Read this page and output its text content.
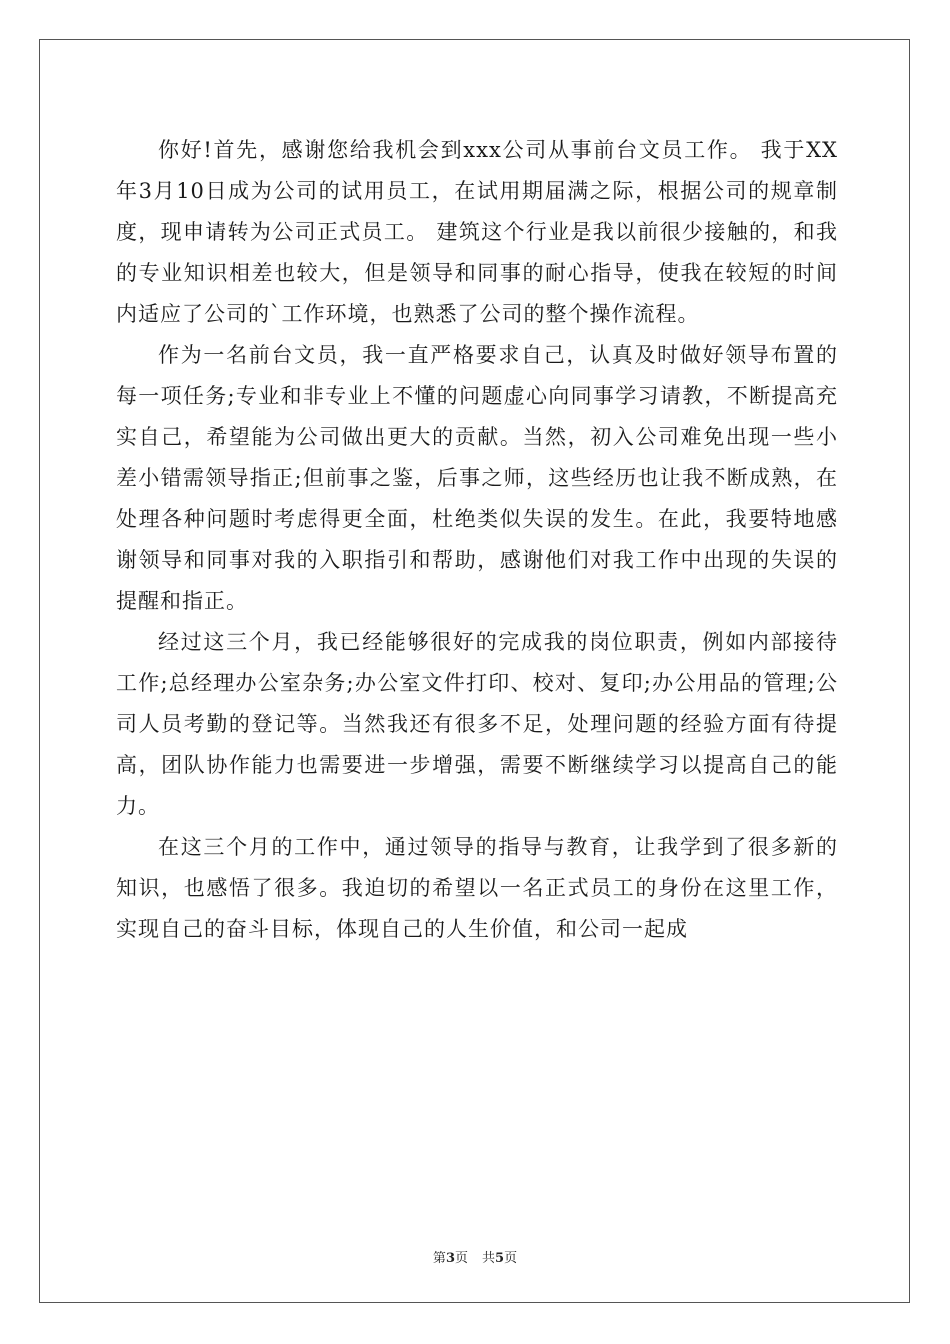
你好!首先，感谢您给我机会到xxx公司从事前台文员工作。 我于XX年3月10日成为公司的试用员工，在试用期届满之际，根据公司的规章制度，现申请转为公司正式员工。 建筑这个行业是我以前很少接触的，和我的专业知识相差也较大，但是领导和同事的耐心指导，使我在较短的时间内适应了公司的`工作环境，也熟悉了公司的整个操作流程。

作为一名前台文员，我一直严格要求自己，认真及时做好领导布置的每一项任务;专业和非专业上不懂的问题虚心向同事学习请教，不断提高充实自己，希望能为公司做出更大的贡献。当然，初入公司难免出现一些小差小错需领导指正;但前事之鉴，后事之师，这些经历也让我不断成熟，在处理各种问题时考虑得更全面，杜绝类似失误的发生。在此，我要特地感谢领导和同事对我的入职指引和帮助，感谢他们对我工作中出现的失误的提醒和指正。

经过这三个月，我已经能够很好的完成我的岗位职责，例如内部接待工作;总经理办公室杂务;办公室文件打印、校对、复印;办公用品的管理;公司人员考勤的登记等。当然我还有很多不足，处理问题的经验方面有待提高，团队协作能力也需要进一步增强，需要不断继续学习以提高自己的能力。

在这三个月的工作中，通过领导的指导与教育，让我学到了很多新的知识，也感悟了很多。我迫切的希望以一名正式员工的身份在这里工作，实现自己的奋斗目标，体现自己的人生价值，和公司一起成

第3页 共5页
